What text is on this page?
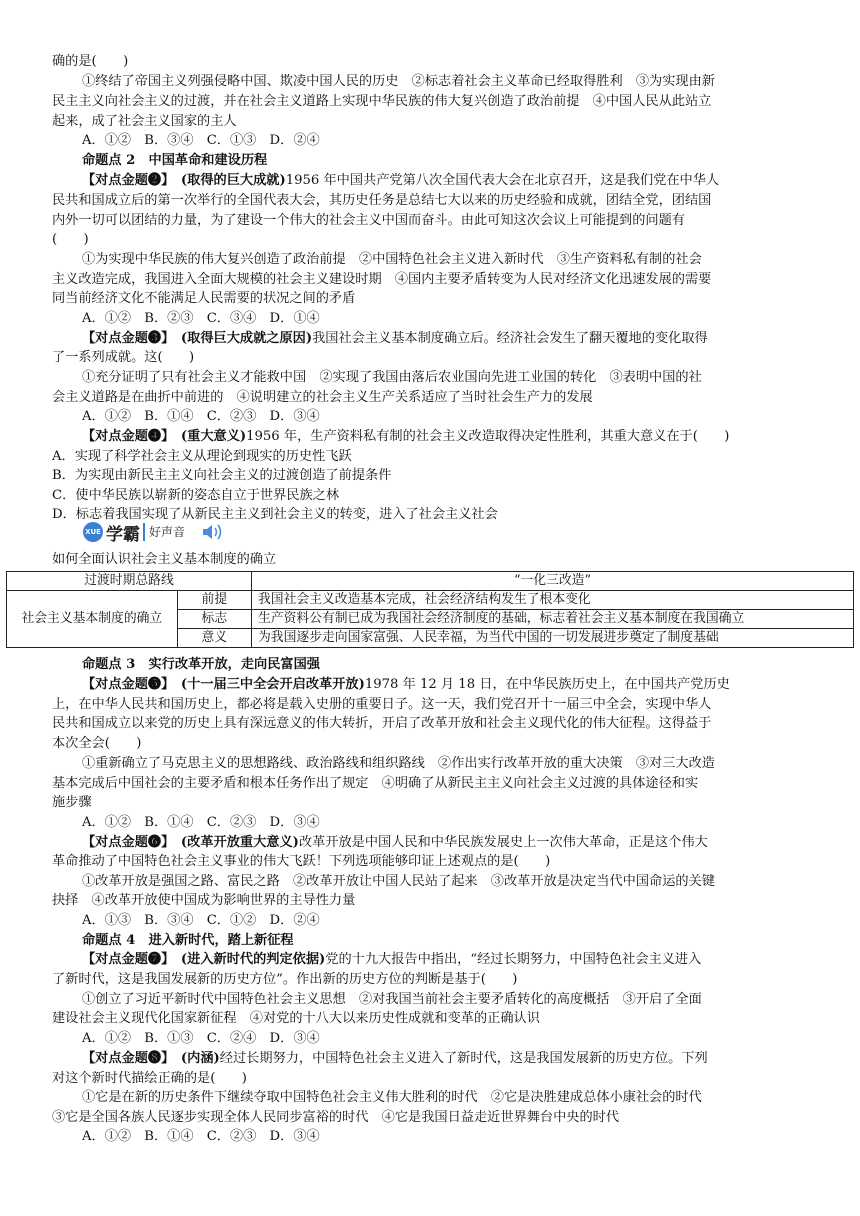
确的是(　　)
①终结了帝国主义列强侵略中国、欺凌中国人民的历史　②标志着社会主义革命已经取得胜利　③为实现由新
民主主义向社会主义的过渡，并在社会主义道路上实现中华民族的伟大复兴创造了政治前提　④中国人民从此站立
起来，成了社会主义国家的主人
A．①②　B．③④　C．①③　D．②④
命题点 2　中国革命和建设历程
【对点金题❷】　(取得的巨大成就)1956 年中国共产党第八次全国代表大会在北京召开，这是我们党在中华人
民共和国成立后的第一次举行的全国代表大会，其历史任务是总结七大以来的历史经验和成就，团结全党，团结国
内外一切可以团结的力量，为了建设一个伟大的社会主义中国而奋斗。由此可知这次会议上可能提到的问题有
(　　)
①为实现中华民族的伟大复兴创造了政治前提　②中国特色社会主义进入新时代　③生产资料私有制的社会
主义改造完成，我国进入全面大规模的社会主义建设时期　④国内主要矛盾转变为人民对经济文化迅速发展的需要
同当前经济文化不能满足人民需要的状况之间的矛盾
A．①②　B．②③　C．③④　D．①④
【对点金题❸】　(取得巨大成就之原因)我国社会主义基本制度确立后。经济社会发生了翻天覆地的变化取得
了一系列成就。这(　　)
①充分证明了只有社会主义才能救中国　②实现了我国由落后农业国向先进工业国的转化　③表明中国的社
会主义道路是在曲折中前进的　④说明建立的社会主义生产关系适应了当时社会生产力的发展
A．①②　B．①④　C．②③　D．③④
【对点金题❹】　(重大意义)1956 年，生产资料私有制的社会主义改造取得决定性胜利，其重大意义在于(　　)
A．实现了科学社会主义从理论到现实的历史性飞跃
B．为实现由新民主主义向社会主义的过渡创造了前提条件
C．使中华民族以崭新的姿态自立于世界民族之林
D．标志着我国实现了从新民主主义到社会主义的转变，进入了社会主义社会
XUE 学霸 好声音
如何全面认识社会主义基本制度的确立
过渡时期总路线		“一化三改造”
社会主义基本制度的确立	前提	我国社会主义改造基本完成，社会经济结构发生了根本变化
	标志	生产资料公有制已成为我国社会经济制度的基础，标志着社会主义基本制度在我国确立
	意义	为我国逐步走向国家富强、人民幸福，为当代中国的一切发展进步奠定了制度基础
命题点 3　实行改革开放，走向民富国强
【对点金题❺】　(十一届三中全会开启改革开放)1978 年 12 月 18 日，在中华民族历史上，在中国共产党历史
上，在中华人民共和国历史上，都必将是载入史册的重要日子。这一天，我们党召开十一届三中全会，实现中华人
民共和国成立以来党的历史上具有深远意义的伟大转折，开启了改革开放和社会主义现代化的伟大征程。这得益于
本次全会(　　)
①重新确立了马克思主义的思想路线、政治路线和组织路线　②作出实行改革开放的重大决策　③对三大改造
基本完成后中国社会的主要矛盾和根本任务作出了规定　④明确了从新民主主义向社会主义过渡的具体途径和实
施步骤
A．①②　B．①④　C．②③　D．③④
【对点金题❻】　(改革开放重大意义)改革开放是中国人民和中华民族发展史上一次伟大革命，正是这个伟大
革命推动了中国特色社会主义事业的伟大飞跃！下列选项能够印证上述观点的是(　　)
①改革开放是强国之路、富民之路　②改革开放让中国人民站了起来　③改革开放是决定当代中国命运的关键
抉择　④改革开放使中国成为影响世界的主导性力量
A．①③　B．③④　C．①②　D．②④
命题点 4　进入新时代，踏上新征程
【对点金题❼】　(进入新时代的判定依据)党的十九大报告中指出，“经过长期努力，中国特色社会主义进入
了新时代，这是我国发展新的历史方位”。作出新的历史方位的判断是基于(　　)
①创立了习近平新时代中国特色社会主义思想　②对我国当前社会主要矛盾转化的高度概括　③开启了全面
建设社会主义现代化国家新征程　④对党的十八大以来历史性成就和变革的正确认识
A．①②　B．①③　C．②④　D．③④
【对点金题❽】　(内涵)经过长期努力，中国特色社会主义进入了新时代，这是我国发展新的历史方位。下列
对这个新时代描绘正确的是(　　)
①它是在新的历史条件下继续夺取中国特色社会主义伟大胜利的时代　②它是决胜建成总体小康社会的时代
③它是全国各族人民逐步实现全体人民同步富裕的时代　④它是我国日益走近世界舞台中央的时代
A．①②　B．①④　C．②③　D．③④
